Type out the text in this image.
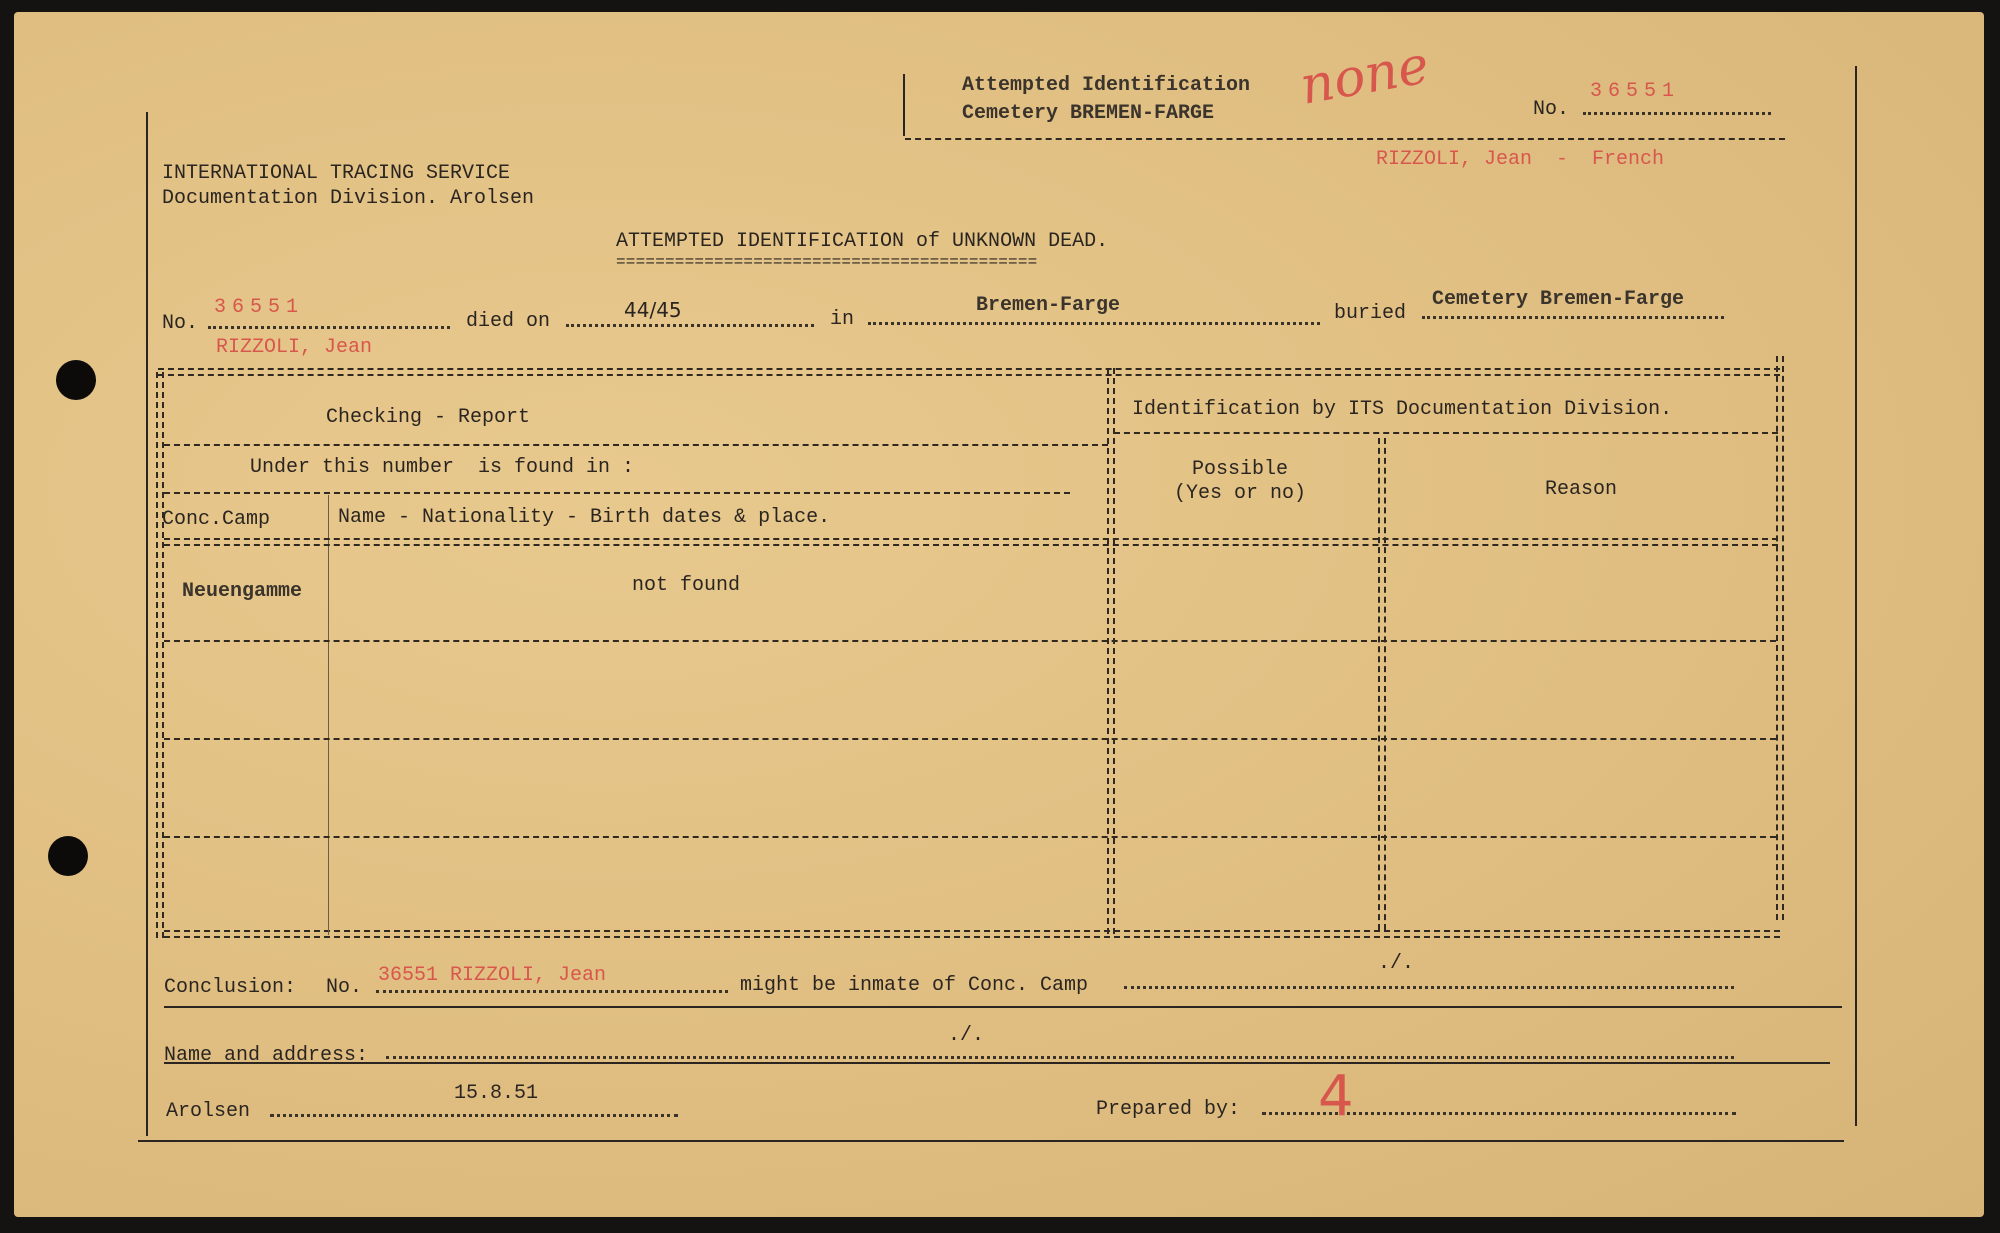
Attempted Identification
Cemetery BREMEN-FARGE none	No.
36551
RIZZOLI, Jean  -  French
INTERNATIONAL TRACING SERVICE
Documentation Division. Arolsen
ATTEMPTED IDENTIFICATION of UNKNOWN DEAD.
===========================================
No.
36551
died on	44/45	in
Bremen-Farge	buried
Cemetery Bremen-Farge
RIZZOLI, Jean
Checking - Report	Identification by ITS Documentation Division.
Under this number  is found in :
Conc.Camp	Name - Nationality - Birth dates & place.
Possible
(Yes or no)	Reason
Neuengamme	not found
Conclusion: No.
36551 RIZZOLI, Jean	might be inmate of Conc. Camp
./.
Name and address:
./.
Arolsen
15.8.51
Prepared by: 4
